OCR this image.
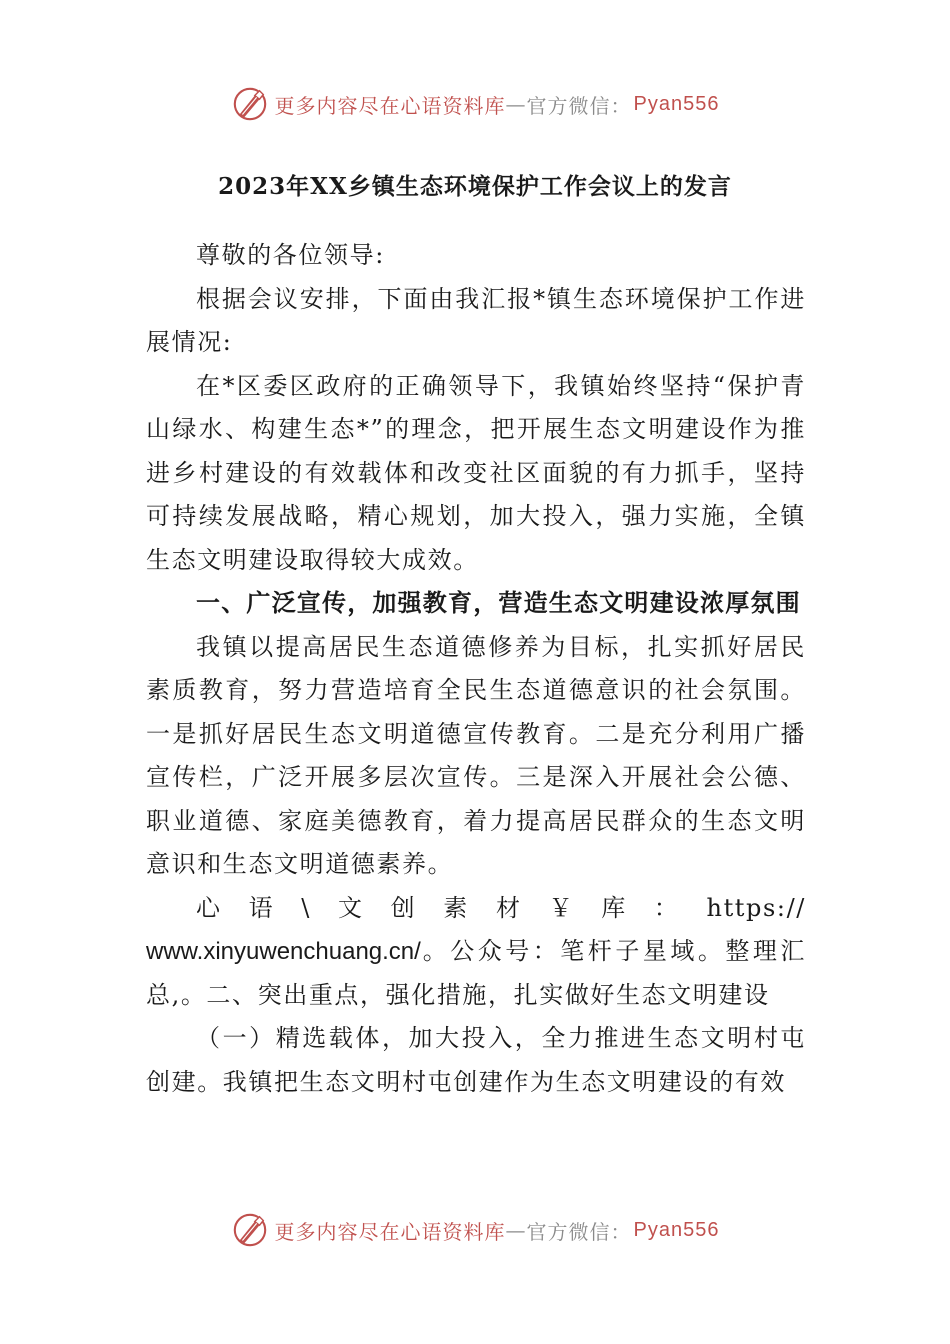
更多内容尽在心语资料库 — 官方微信： Pyan556
2023年XX乡镇生态环境保护工作会议上的发言

尊敬的各位领导:

根据会议安排，下面由我汇报*镇生态环境保护工作进展情况:

在*区委区政府的正确领导下，我镇始终坚持“保护青山绿水、构建生态*”的理念，把开展生态文明建设作为推进乡村建设的有效载体和改变社区面貌的有力抓手，坚持可持续发展战略，精心规划，加大投入，强力实施，全镇生态文明建设取得较大成效。

一、广泛宣传，加强教育，营造生态文明建设浓厚氛围

我镇以提高居民生态道德修养为目标，扎实抓好居民素质教育，努力营造培育全民生态道德意识的社会氛围。一是抓好居民生态文明道德宣传教育。二是充分利用广播宣传栏，广泛开展多层次宣传。三是深入开展社会公德、职业道德、家庭美德教育，着力提高居民群众的生态文明意识和生态文明道德素养。

心语\文创素材￥库：https://

www.xinyuwenchuang.cn/。公众号：笔杆子星域。整理汇总,。二、突出重点，强化措施，扎实做好生态文明建设

（一）精选载体，加大投入，全力推进生态文明村屯创建。我镇把生态文明村屯创建作为生态文明建设的有效

更多内容尽在心语资料库 — 官方微信： Pyan556
